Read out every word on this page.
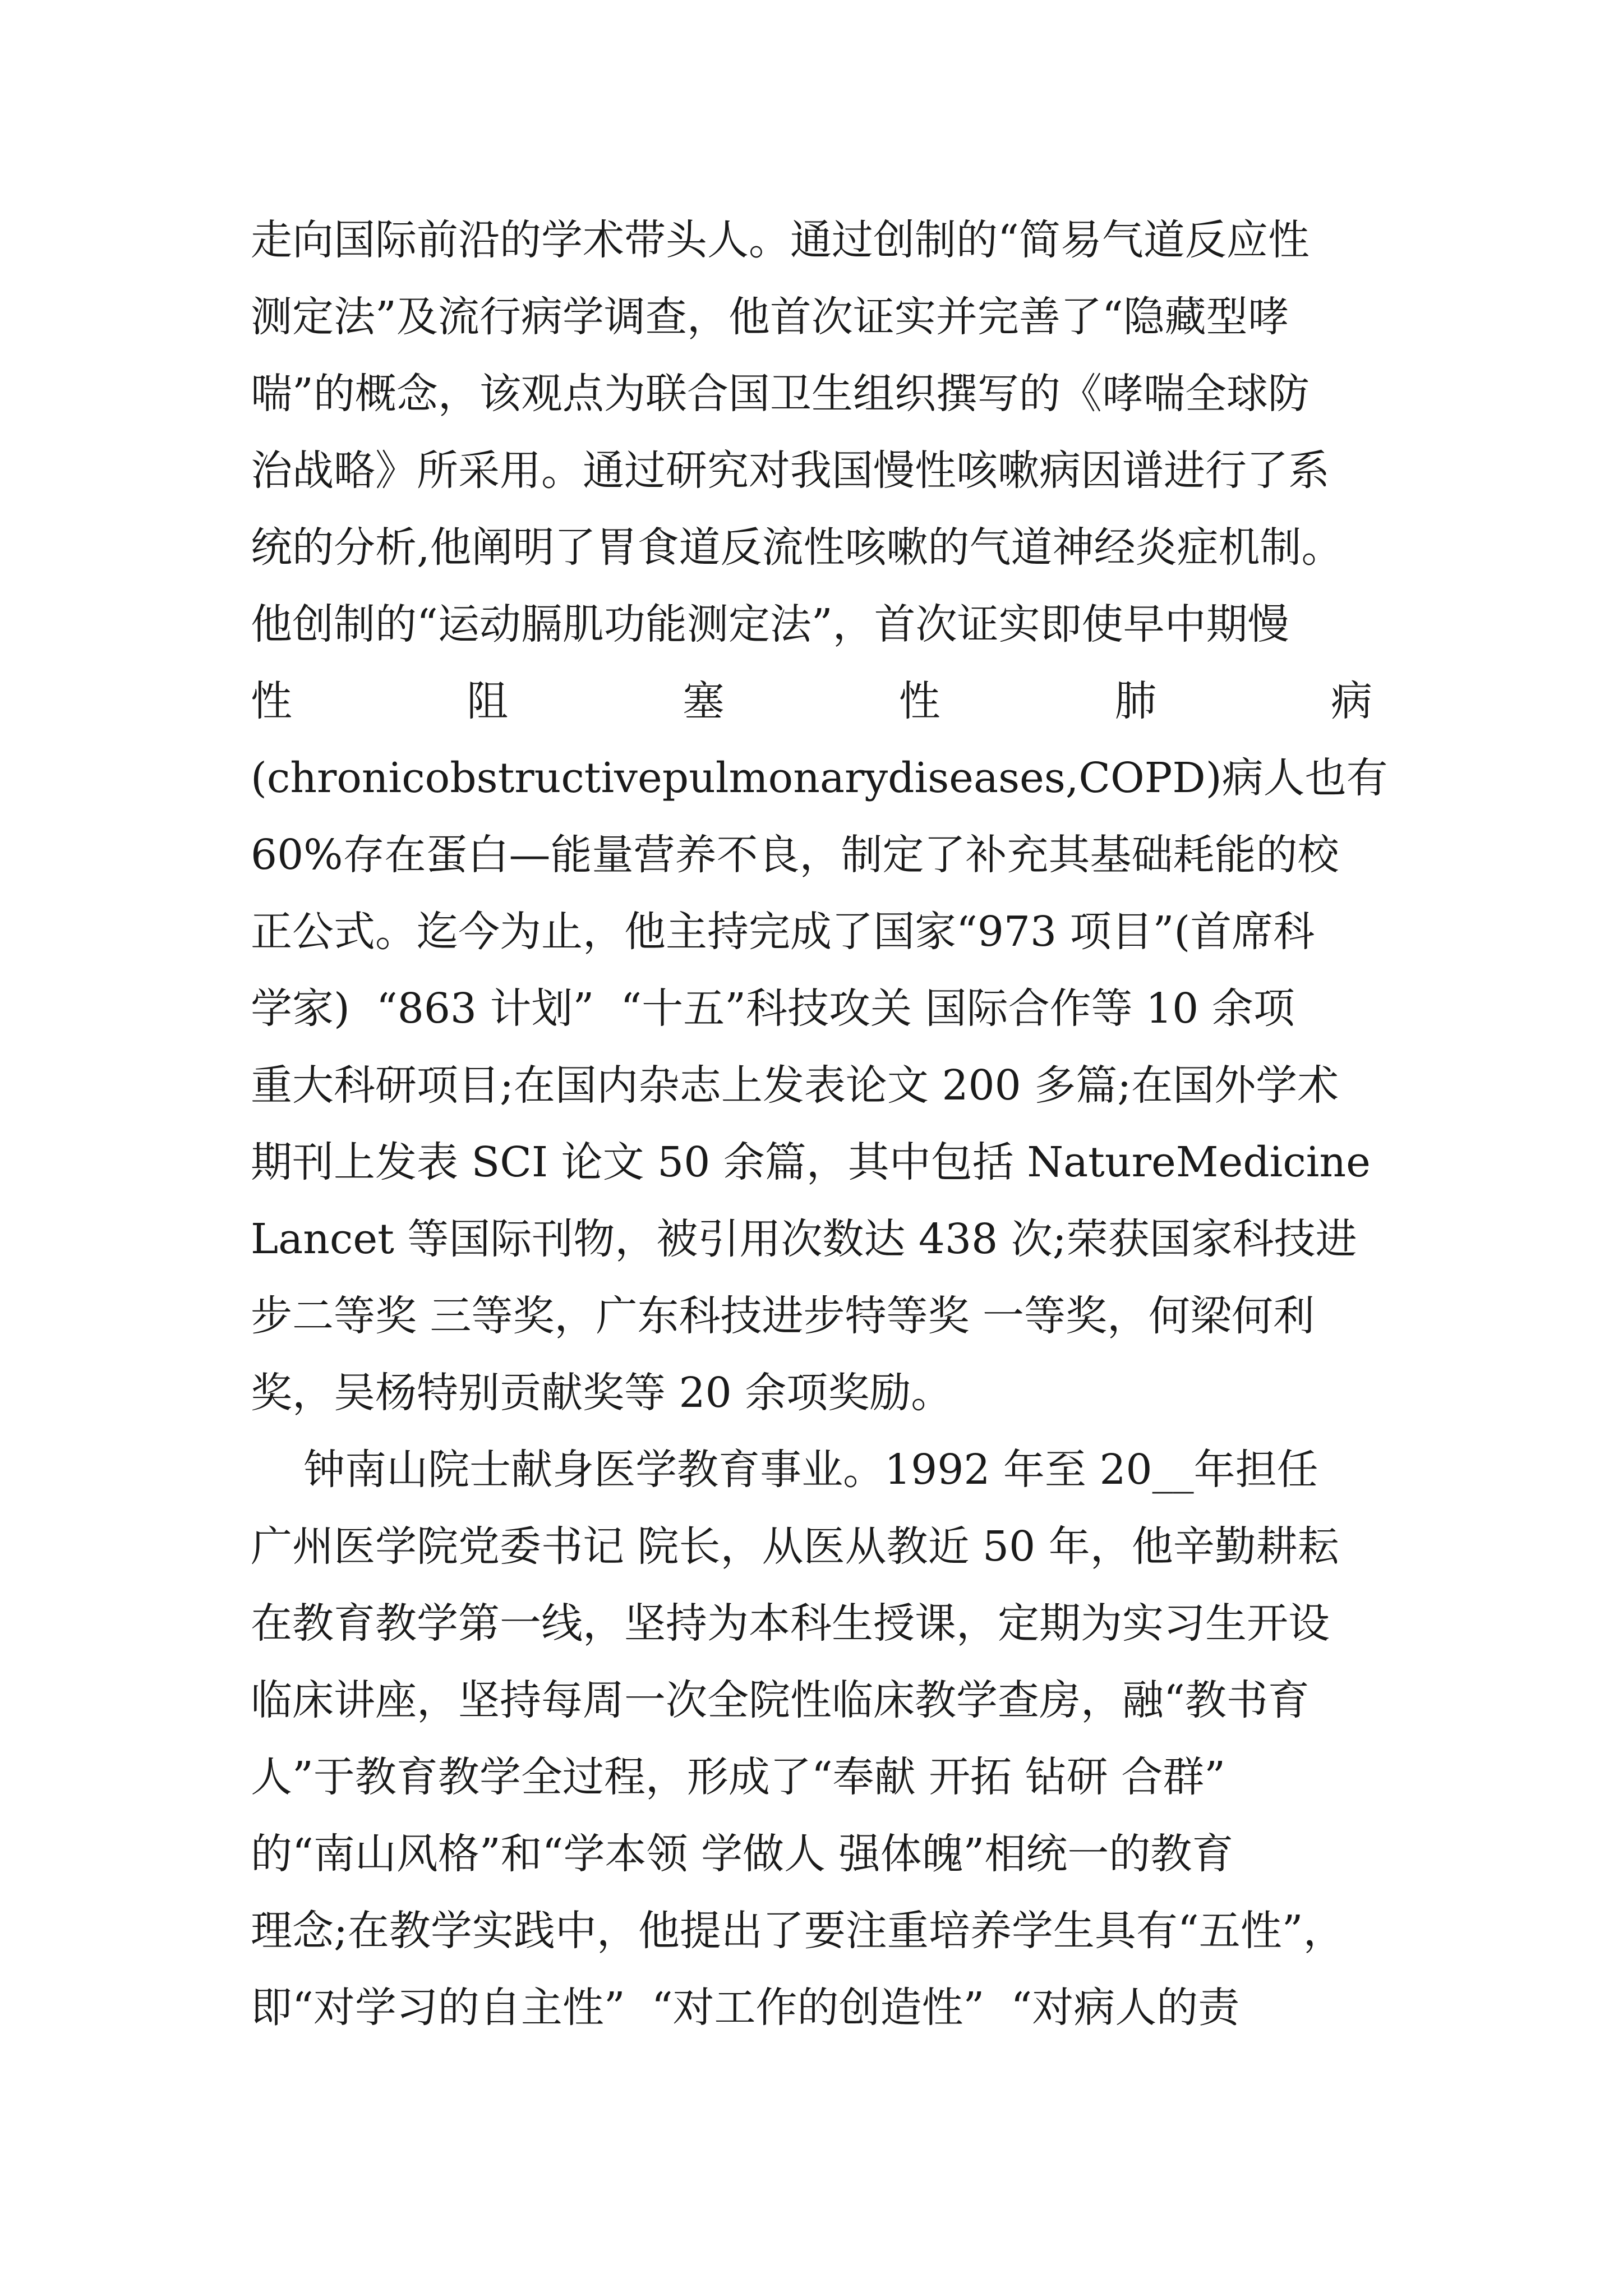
走向国际前沿的学术带头人。通过创制的“简易气道反应性
测定法”及流行病学调查，他首次证实并完善了“隐藏型哮
喘”的概念，该观点为联合国卫生组织撰写的《哮喘全球防
治战略》所采用。通过研究对我国慢性咳嗽病因谱进行了系
统的分析,他阐明了胃食道反流性咳嗽的气道神经炎症机制。
他创制的“运动膈肌功能测定法”，首次证实即使早中期慢
性	阻	塞	性	肺	病
(chronicobstructivepulmonarydiseases,COPD)病人也有
60%存在蛋白—能量营养不良，制定了补充其基础耗能的校
正公式。迄今为止，他主持完成了国家“973 项目”(首席科
学家)  “863 计划”  “十五”科技攻关 国际合作等 10 余项
重大科研项目;在国内杂志上发表论文 200 多篇;在国外学术
期刊上发表 SCI 论文 50 余篇，其中包括 NatureMedicine
Lancet 等国际刊物，被引用次数达 438 次;荣获国家科技进
步二等奖 三等奖，广东科技进步特等奖 一等奖，何梁何利
奖，吴杨特别贡献奖等 20 余项奖励。
钟南山院士献身医学教育事业。1992 年至 20__年担任
广州医学院党委书记 院长，从医从教近 50 年，他辛勤耕耘
在教育教学第一线，坚持为本科生授课，定期为实习生开设
临床讲座，坚持每周一次全院性临床教学查房，融“教书育
人”于教育教学全过程，形成了“奉献 开拓 钻研 合群”
的“南山风格”和“学本领 学做人 强体魄”相统一的教育
理念;在教学实践中，他提出了要注重培养学生具有“五性”，
即“对学习的自主性”  “对工作的创造性”  “对病人的责
